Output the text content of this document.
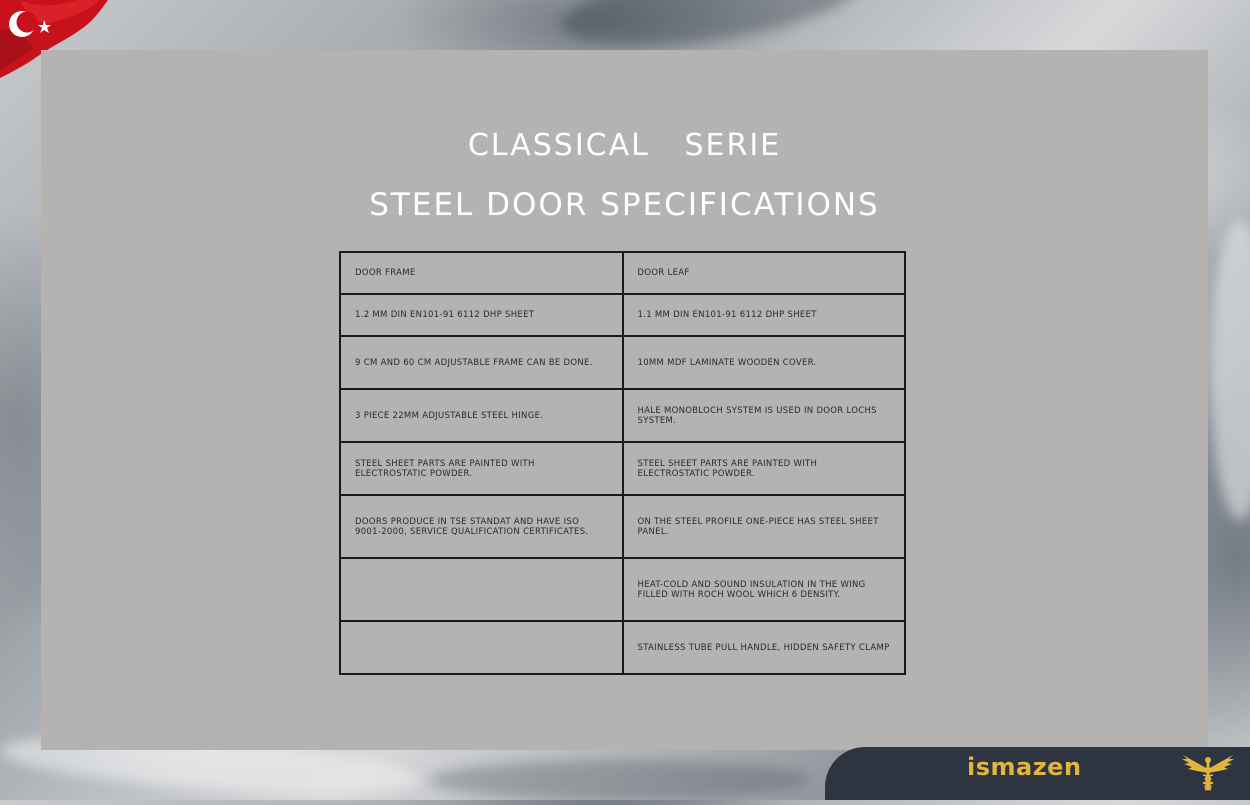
CLASSICAL   SERIE
STEEL DOOR SPECIFICATIONS
DOOR FRAME	DOOR LEAF
1.2 MM DIN EN101-91 6112 DHP SHEET	1.1 MM DIN EN101-91 6112 DHP SHEET
9 CM AND 60 CM ADJUSTABLE FRAME CAN BE DONE.	10MM MDF LAMINATE WOODEN COVER.
3 PIECE 22MM ADJUSTABLE STEEL HINGE.	HALE MONOBLOCH SYSTEM IS USED IN DOOR LOCHS SYSTEM.
STEEL SHEET PARTS ARE PAINTED WITH ELECTROSTATIC POWDER.	STEEL SHEET PARTS ARE PAINTED WITH ELECTROSTATIC POWDER.
DOORS PRODUCE IN TSE STANDAT AND HAVE ISO 9001-2000, SERVICE QUALIFICATION CERTIFICATES.	ON THE STEEL PROFILE ONE-PIECE HAS STEEL SHEET PANEL.
	HEAT-COLD AND SOUND INSULATION IN THE WING FILLED WITH ROCH WOOL WHICH 6 DENSITY.
	STAINLESS TUBE PULL HANDLE, HIDDEN SAFETY CLAMP
ismazen
